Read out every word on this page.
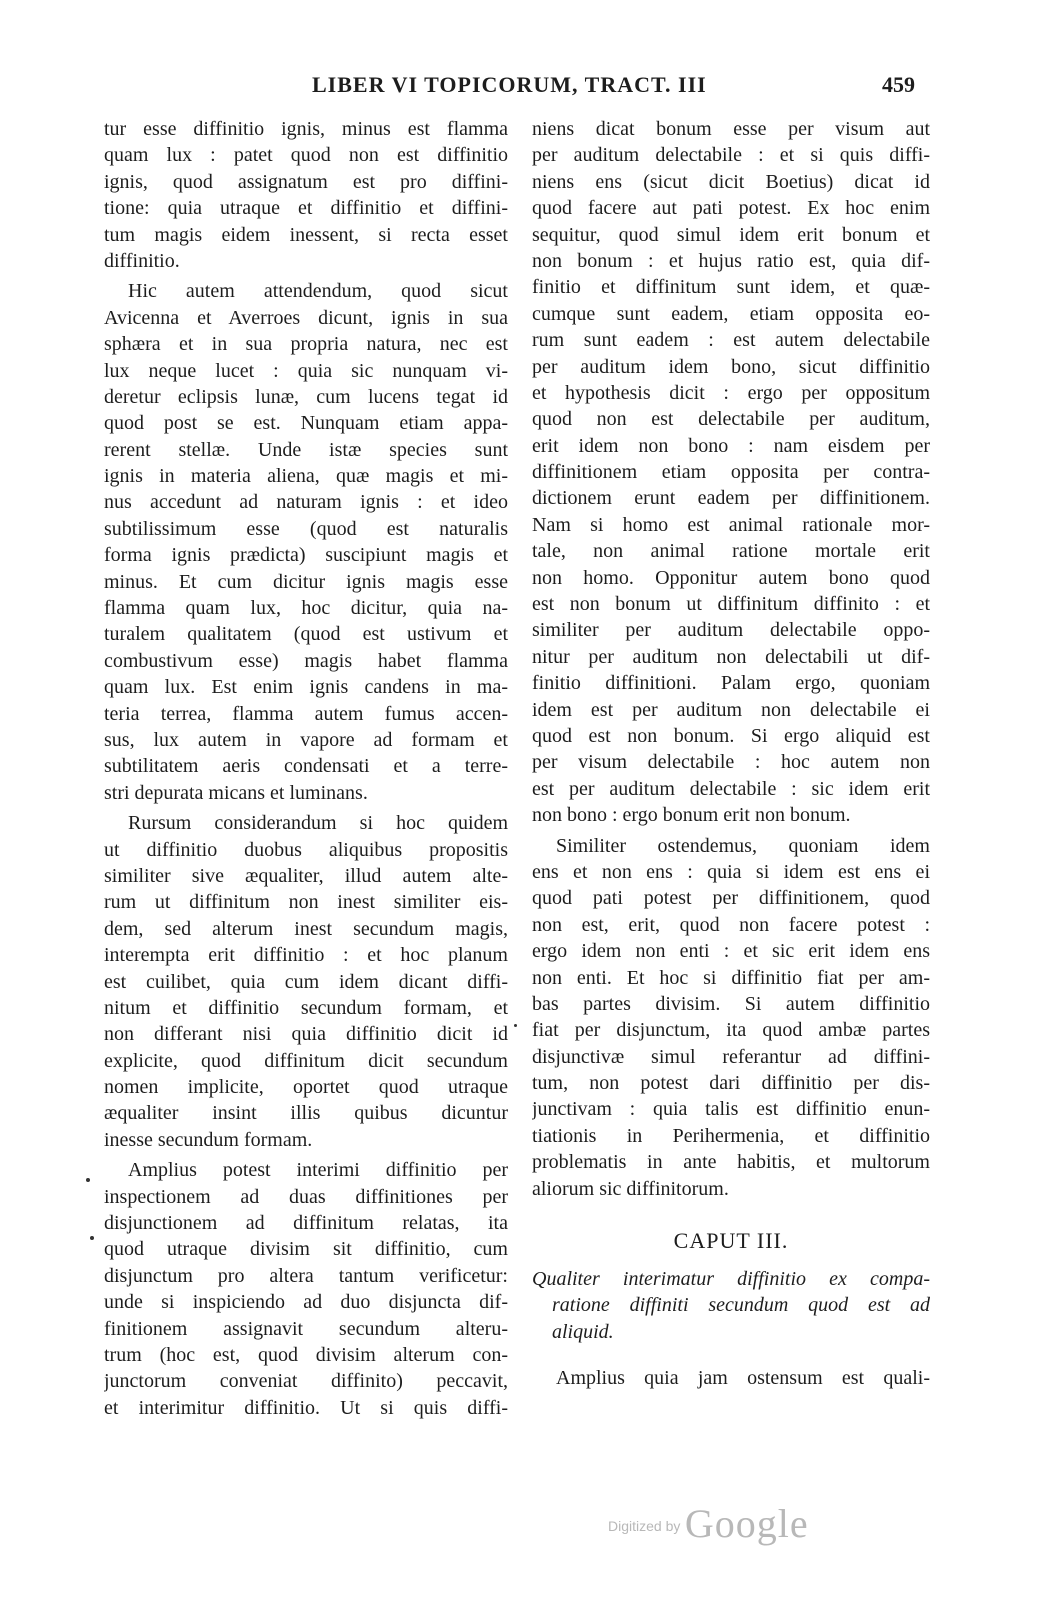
LIBER VI TOPICORUM, TRACT. III	459
tur esse diffinitio ignis, minus est flamma
quam lux : patet quod non est diffinitio
ignis, quod assignatum est pro diffini-
tione: quia utraque et diffinitio et diffini-
tum magis eidem inessent, si recta esset
diffinitio.
Hic autem attendendum, quod sicut
Avicenna et Averroes dicunt, ignis in sua
sphæra et in sua propria natura, nec est
lux neque lucet : quia sic nunquam vi-
deretur eclipsis lunæ, cum lucens tegat id
quod post se est. Nunquam etiam appa-
rerent stellæ. Unde istæ species sunt
ignis in materia aliena, quæ magis et mi-
nus accedunt ad naturam ignis : et ideo
subtilissimum esse (quod est naturalis
forma ignis prædicta) suscipiunt magis et
minus. Et cum dicitur ignis magis esse
flamma quam lux, hoc dicitur, quia na-
turalem qualitatem (quod est ustivum et
combustivum esse) magis habet flamma
quam lux. Est enim ignis candens in ma-
teria terrea, flamma autem fumus accen-
sus, lux autem in vapore ad formam et
subtilitatem aeris condensati et a terre-
stri depurata micans et luminans.
Rursum considerandum si hoc quidem
ut diffinitio duobus aliquibus propositis
similiter sive æqualiter, illud autem alte-
rum ut diffinitum non inest similiter eis-
dem, sed alterum inest secundum magis,
interempta erit diffinitio : et hoc planum
est cuilibet, quia cum idem dicant diffi-
nitum et diffinitio secundum formam, et
non differant nisi quia diffinitio dicit id
explicite, quod diffinitum dicit secundum
nomen implicite, oportet quod utraque
æqualiter insint illis quibus dicuntur
inesse secundum formam.
Amplius potest interimi diffinitio per
inspectionem ad duas diffinitiones per
disjunctionem ad diffinitum relatas, ita
quod utraque divisim sit diffinitio, cum
disjunctum pro altera tantum verificetur:
unde si inspiciendo ad duo disjuncta dif-
finitionem assignavit secundum alteru-
trum (hoc est, quod divisim alterum con-
junctorum conveniat diffinito) peccavit,
et interimitur diffinitio. Ut si quis diffi-
niens dicat bonum esse per visum aut
per auditum delectabile : et si quis diffi-
niens ens (sicut dicit Boetius) dicat id
quod facere aut pati potest. Ex hoc enim
sequitur, quod simul idem erit bonum et
non bonum : et hujus ratio est, quia dif-
finitio et diffinitum sunt idem, et quæ-
cumque sunt eadem, etiam opposita eo-
rum sunt eadem : est autem delectabile
per auditum idem bono, sicut diffinitio
et hypothesis dicit : ergo per oppositum
quod non est delectabile per auditum,
erit idem non bono : nam eisdem per
diffinitionem etiam opposita per contra-
dictionem erunt eadem per diffinitionem.
Nam si homo est animal rationale mor-
tale, non animal ratione mortale erit
non homo. Opponitur autem bono quod
est non bonum ut diffinitum diffinito : et
similiter per auditum delectabile oppo-
nitur per auditum non delectabili ut dif-
finitio diffinitioni. Palam ergo, quoniam
idem est per auditum non delectabile ei
quod est non bonum. Si ergo aliquid est
per visum delectabile : hoc autem non
est per auditum delectabile : sic idem erit
non bono : ergo bonum erit non bonum.
Similiter ostendemus, quoniam idem
ens et non ens : quia si idem est ens ei
quod pati potest per diffinitionem, quod
non est, erit, quod non facere potest :
ergo idem non enti : et sic erit idem ens
non enti. Et hoc si diffinitio fiat per am-
bas partes divisim. Si autem diffinitio
fiat per disjunctum, ita quod ambæ partes
disjunctivæ simul referantur ad diffini-
tum, non potest dari diffinitio per dis-
junctivam : quia talis est diffinitio enun-
tiationis in Perihermenia, et diffinitio
problematis in ante habitis, et multorum
aliorum sic diffinitorum.
CAPUT III.
Qualiter interimatur diffinitio ex compa-
ratione diffiniti secundum quod est ad
aliquid.
Amplius quia jam ostensum est quali-
Digitized by Google
